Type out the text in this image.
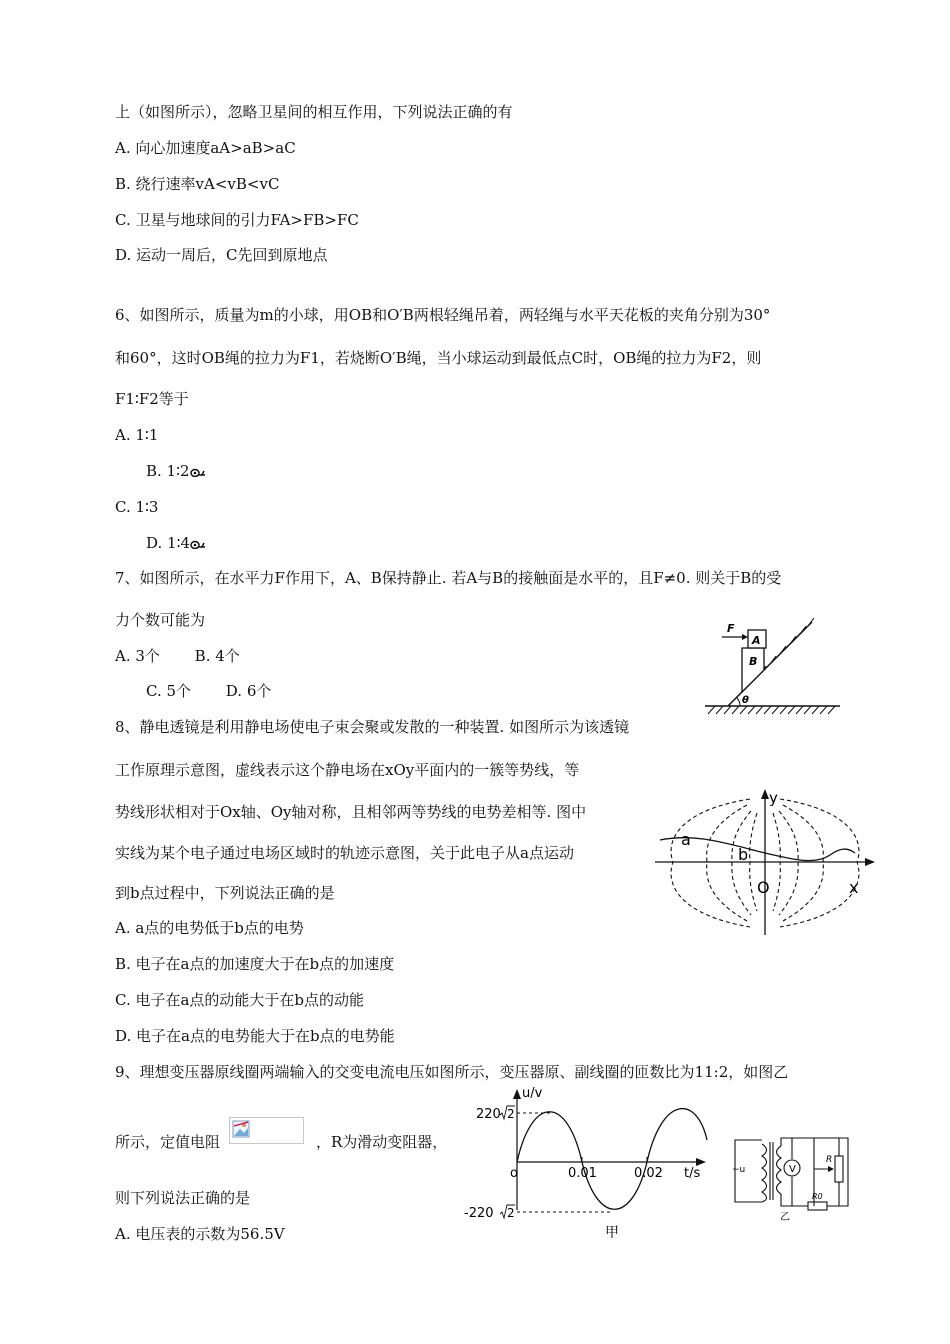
上（如图所示），忽略卫星间的相互作用，下列说法正确的有
A. 向心加速度aA>aB>aC
B. 绕行速率vA<vB<vC
C. 卫星与地球间的引力FA>FB>FC
D. 运动一周后，C先回到原地点
6、如图所示，质量为m的小球，用OB和O′B两根轻绳吊着，两轻绳与水平天花板的夹角分别为30°
和60°，这时OB绳的拉力为F1，若烧断O′B绳，当小球运动到最低点C时，OB绳的拉力为F2，则
F1∶F2等于
A. 1∶1
B. 1∶2
C. 1∶3
D. 1∶4
7、如图所示，在水平力F作用下，A、B保持静止. 若A与B的接触面是水平的，且F≠0. 则关于B的受
力个数可能为
A. 3个　　 B. 4个
C. 5个　　 D. 6个
8、静电透镜是利用静电场使电子束会聚或发散的一种装置. 如图所示为该透镜
工作原理示意图，虚线表示这个静电场在xOy平面内的一簇等势线，等
势线形状相对于Ox轴、Oy轴对称，且相邻两等势线的电势差相等. 图中
实线为某个电子通过电场区域时的轨迹示意图，关于此电子从a点运动
到b点过程中，下列说法正确的是
A. a点的电势低于b点的电势
B. 电子在a点的加速度大于在b点的加速度
C. 电子在a点的动能大于在b点的动能
D. 电子在a点的电势能大于在b点的电势能
9、理想变压器原线圈两端输入的交变电流电压如图所示，变压器原、副线圈的匝数比为11:2，如图乙
所示，定值电阻	，R为滑动变阻器，
则下列说法正确的是
A. 电压表的示数为56.5V
F
A
B
θ
y
a
b
O	x
u/v
220 2
-220 2
o	0.01	0.02 t/s
甲
~u	V
R
R0
乙
